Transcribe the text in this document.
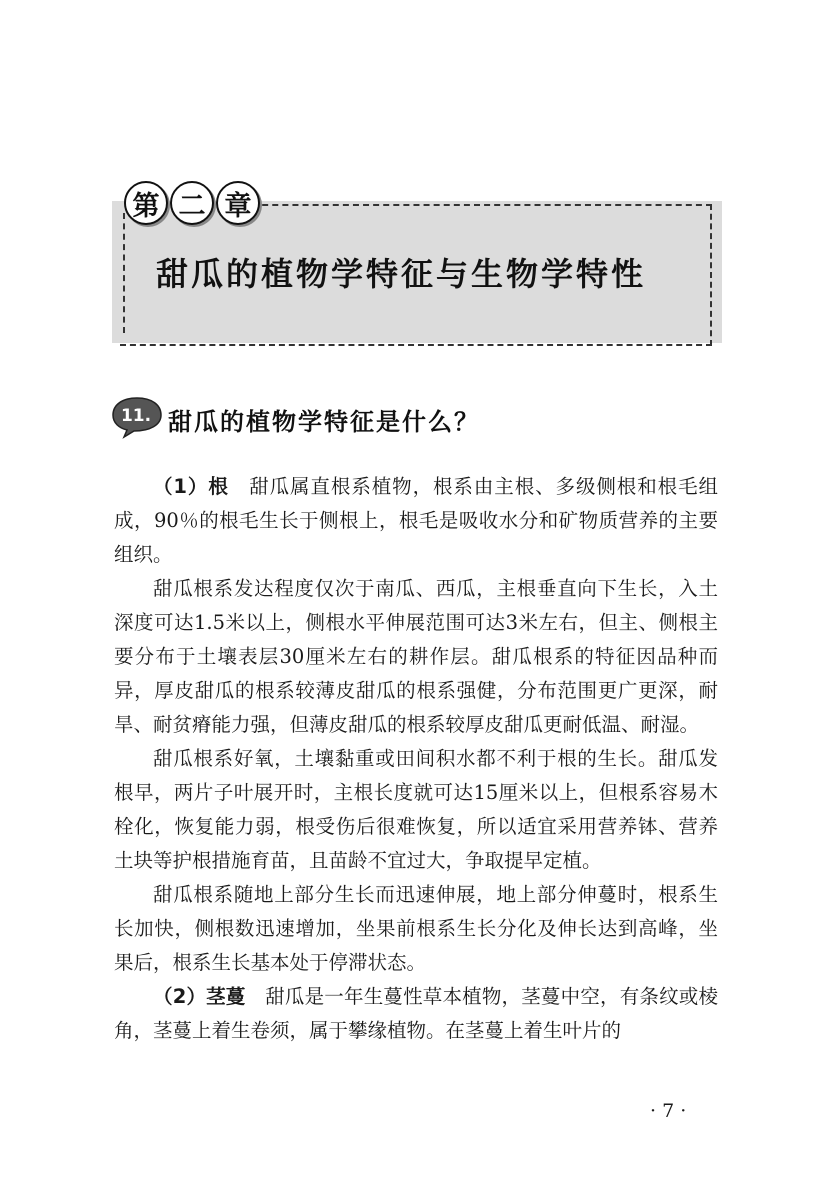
第 二 章
甜瓜的植物学特征与生物学特性
11. 甜瓜的植物学特征是什么？

（1）根　 甜瓜属直根系植物，根系由主根、多级侧根和根毛组成，90％的根毛生长于侧根上，根毛是吸收水分和矿物质营养的主要组织。

甜瓜根系发达程度仅次于南瓜、西瓜，主根垂直向下生长，入土深度可达1.5米以上，侧根水平伸展范围可达3米左右，但主、侧根主要分布于土壤表层30厘米左右的耕作层。甜瓜根系的特征因品种而异，厚皮甜瓜的根系较薄皮甜瓜的根系强健，分布范围更广更深，耐旱、耐贫瘠能力强，但薄皮甜瓜的根系较厚皮甜瓜更耐低温、耐湿。

甜瓜根系好氧，土壤黏重或田间积水都不利于根的生长。甜瓜发根早，两片子叶展开时，主根长度就可达15厘米以上，但根系容易木栓化，恢复能力弱，根受伤后很难恢复，所以适宜采用营养钵、营养土块等护根措施育苗，且苗龄不宜过大，争取提早定植。

甜瓜根系随地上部分生长而迅速伸展，地上部分伸蔓时，根系生长加快，侧根数迅速增加，坐果前根系生长分化及伸长达到高峰，坐果后，根系生长基本处于停滞状态。

（2）茎蔓　 甜瓜是一年生蔓性草本植物，茎蔓中空，有条纹或棱角，茎蔓上着生卷须，属于攀缘植物。在茎蔓上着生叶片的

· 7 ·
